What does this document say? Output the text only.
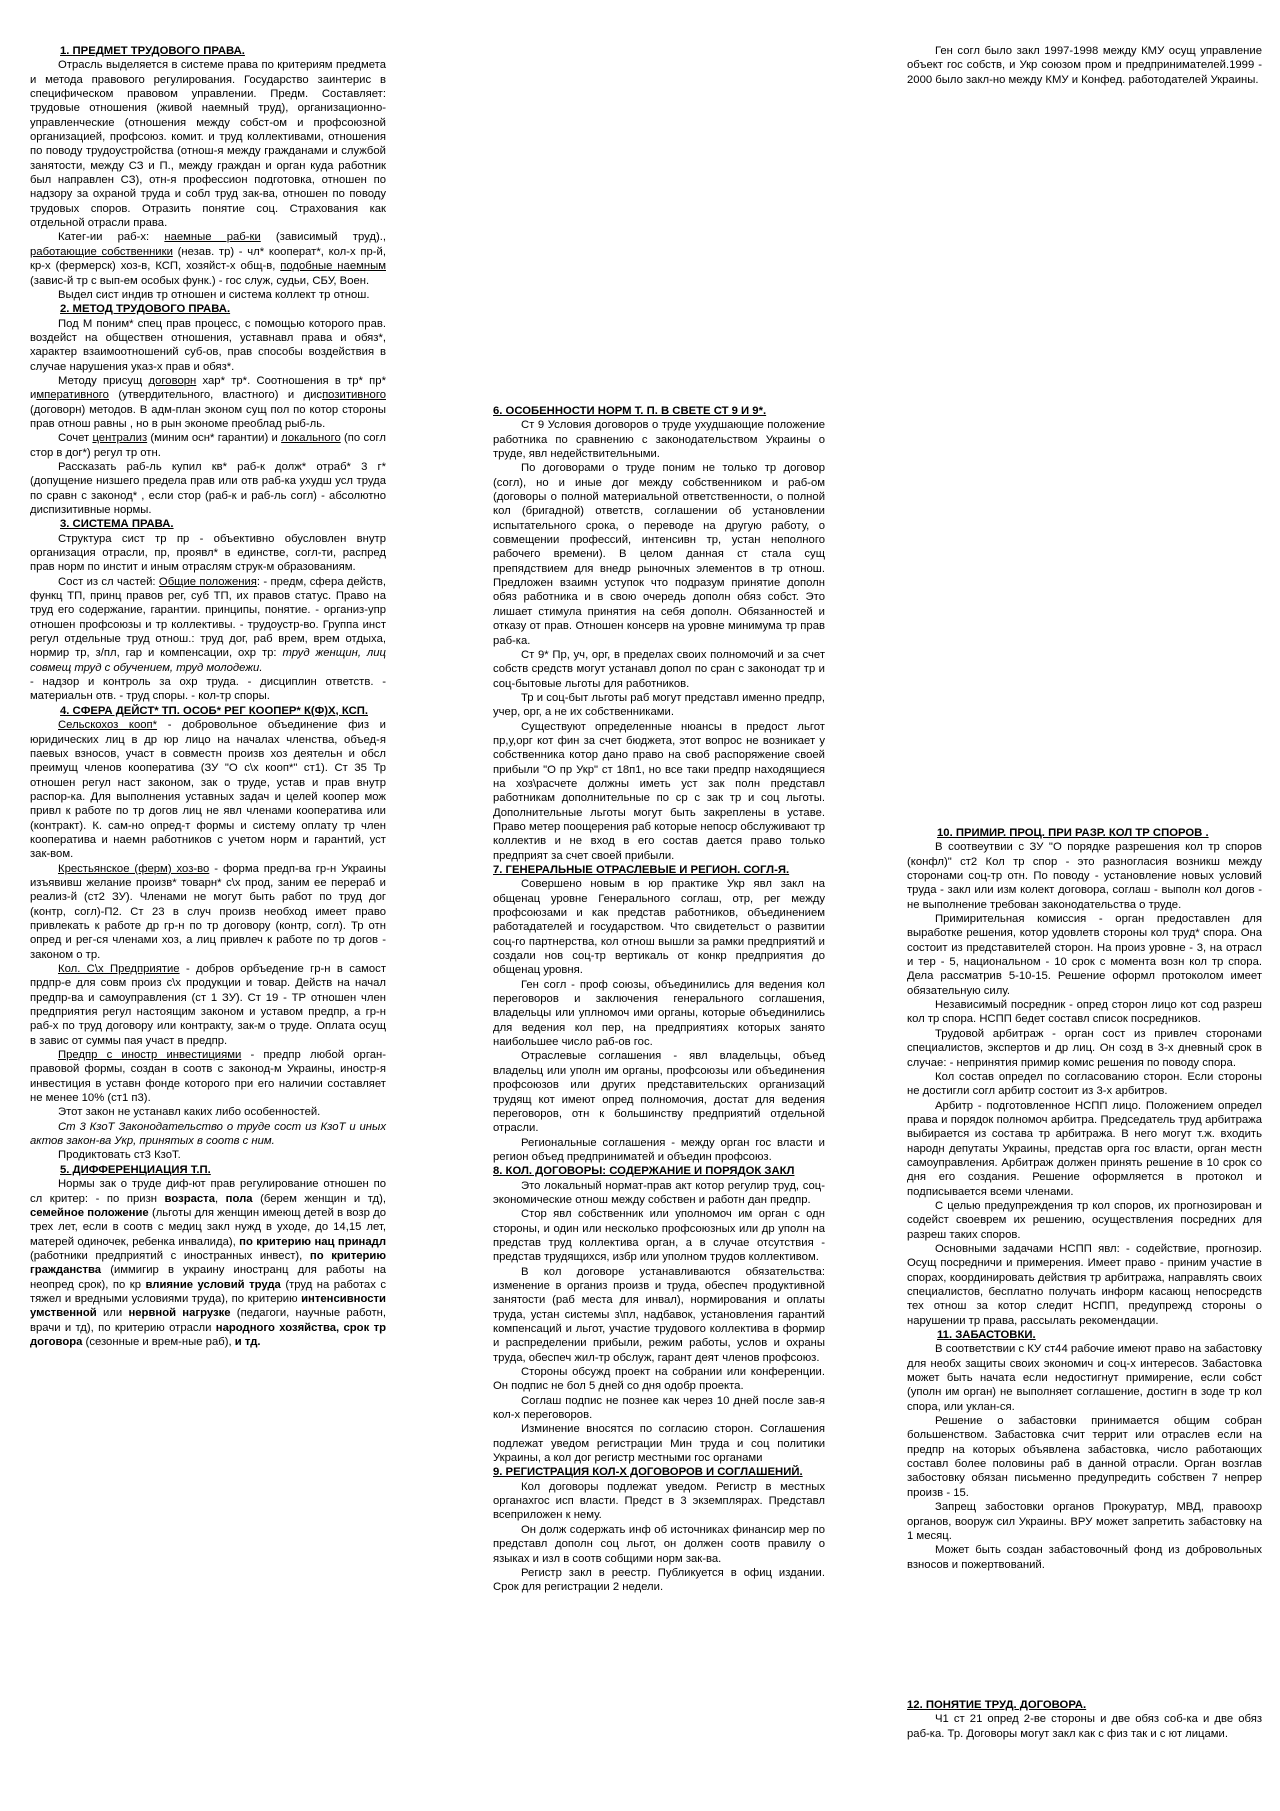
1. ПРЕДМЕТ ТРУДОВОГО ПРАВА.

Отрасль выделяется в системе права по критериям предмета и метода правового регулирования. Государство заинтерис в специфическом правовом управлении. Предм. Составляет: трудовые отношения (живой наемный труд), организационно-управленческие (отношения между собст-ом и профсоюзной организацией, профсоюз. комит. и труд коллективами, отношения по поводу трудоустройства (отнош-я между гражданами и службой занятости, между СЗ и П., между граждан и орган куда работник был направлен СЗ), отн-я профессион подготовка, отношен по надзору за охраной труда и собл труд зак-ва, отношен по поводу трудовых споров. Отразить понятие соц. Страхования как отдельной отрасли права.

Катег-ии раб-х: наемные раб-ки (зависимый труд)., работающие собственники (незав. тр) - чл* кооперат*, кол-х пр-й, кр-х (фермерск) хоз-в, КСП, хозяйст-х общ-в, подобные наемным (завис-й тр с вып-ем особых функ.) - гос служ, судьи, СБУ, Воен.

Выдел сист индив тр отношен и система коллект тр отнош.

2. МЕТОД ТРУДОВОГО ПРАВА.

Под М поним* спец прав процесс, с помощью которого прав. воздейст на обществен отношения, уставнавл права и обяз*, характер взаимоотношений суб-ов, прав способы воздействия в случае нарушения указ-х прав и обяз*.

Методу присущ договорн хар* тр*. Соотношения в тр* пр* императивного (утвердительного, властного) и диспозитивного (договорн) методов. В адм-план эконом сущ пол по котор стороны прав отнош равны , но в рын экономе преоблад рыб-ль.

Сочет централиз (миним осн* гарантии) и локального (по согл стор в дог*) регул тр отн.

Рассказать раб-ль купил кв* раб-к долж* отраб* 3 г* (допущение низшего предела прав или отв раб-ка ухудш усл труда по сравн с законод* , если стор (раб-к и раб-ль согл) - абсолютно диспизитивные нормы.

3. СИСТЕМА ПРАВА.

Структура сист тр пр - объективно обусловлен внутр организация отрасли, пр, проявл* в единстве, согл-ти, распред прав норм по инстит и иным отраслям струк-м образованиям.

Сост из сл частей: Общие положения: - предм, сфера действ, функц ТП, принц правов рег, суб ТП, их правов статус. Право на труд его содержание, гарантии. принципы, понятие. - организ-упр отношен профсоюзы и тр коллективы. - трудоустр-во. Группа инст регул отдельные труд отнош.: труд дог, раб врем, врем отдыха, нормир тр, з/пл, гар и компенсации, охр тр: труд женщин, лиц совмещ труд с обучением, труд молодежи.

- надзор и контроль за охр труда. - дисциплин ответств. - материальн отв. - труд споры. - кол-тр споры.

4. СФЕРА ДЕЙСТ* ТП. ОСОБ* РЕГ КООПЕР* К(Ф)Х, КСП.

Сельскохоз кооп* - добровольное объединение физ и юридических лиц в др юр лицо на началах членства, объед-я паевых взносов, участ в совместн произв хоз деятельн и обсл преимущ членов кооператива (ЗУ "О с\х кооп*" ст1). Ст 35 Тр отношен регул наст законом, зак о труде, устав и прав внутр распор-ка. Для выполнения уставных задач и целей коопер мож привл к работе по тр догов лиц не явл членами кооператива или (контракт). К. сам-но опред-т формы и систему оплату тр член кооператива и наемн работников с учетом норм и гарантий, уст зак-вом.

Крестьянское (ферм) хоз-во - форма предп-ва гр-н Украины изъявивш желание произв* товарн* с\х прод, заним ее перераб и реализ-й (ст2 ЗУ). Членами не могут быть работ по труд дог (контр, согл)-П2. Ст 23 в случ произв необход имеет право привлекать к работе др гр-н по тр договору (контр, согл). Тр отн опред и рег-ся членами хоз, а лиц привлеч к работе по тр догов - законом о тр.

Кол. С\х Предприятие - добров орбъедение гр-н в самост прдпр-е для совм произ с\х продукции и товар. Действ на начал предпр-ва и самоуправления (ст 1 ЗУ). Ст 19 - ТР отношен член предприятия регул настоящим законом и уставом предпр, а гр-н раб-х по труд договору или контракту, зак-м о труде. Оплата осущ в завис от суммы пая участ в предпр.

Предпр с иностр инвестициями - предпр любой орган-правовой формы, создан в соотв с законод-м Украины, иностр-я инвестиция в уставн фонде которого при его наличии составляет не менее 10% (ст1 п3).

Этот закон не устанавл каких либо особенностей.

Ст 3 КзоТ Законодательство о труде сост из КзоТ и иных актов закон-ва Укр, принятых в соотв с ним.

Продиктовать ст3 КзоТ.

5. ДИФФЕРЕНЦИАЦИЯ Т.П.

Нормы зак о труде диф-ют прав регулирование отношен по сл критер: - по призн возраста, пола (берем женщин и тд), семейное положение (льготы для женщин имеющ детей в возр до трех лет, если в соотв с медиц закл нужд в уходе, до 14,15 лет, матерей одиночек, ребенка инвалида), по критерию нац принадл (работники предприятий с иностранных инвест), по критерию гражданства (иммигир в украину иностранц для работы на неопред срок), по кр влияние условий труда (труд на работах с тяжел и вредными условиями труда), по критерию интенсивности умственной или нервной нагрузке (педагоги, научные работн, врачи и тд), по критерию отрасли народного хозяйства, срок тр договора (сезонные и врем-ные раб), и тд.

6. ОСОБЕННОСТИ НОРМ Т. П. В СВЕТЕ СТ 9 И 9*.

Ст 9 Условия договоров о труде ухудшающие положение работника по сравнению с законодательством Украины о труде, явл недействительными.

По договорами о труде поним не только тр договор (согл), но и иные дог между собственником и раб-ом (договоры о полной материальной ответственности, о полной кол (бригадной) ответств, соглашении об установлении испытательного срока, о переводе на другую работу, о совмещении профессий, интенсивн тр, устан неполного рабочего времени). В целом данная ст стала сущ препядствием для внедр рыночных элементов в тр отнош. Предложен взаимн уступок что подразум принятие дополн обяз работника и в свою очередь дополн обяз собст. Это лишает стимула принятия на себя дополн. Обязанностей и отказу от прав. Отношен консерв на уровне минимума тр прав раб-ка.

Ст 9* Пр, уч, орг, в пределах своих полномочий и за счет собств средств могут устанавл допол по сран с законодат тр и соц-бытовые льготы для работников.

Тр и соц-быт льготы раб могут представл именно предпр, учер, орг, а не их собственниками.

Существуют определенные нюансы в предост льгот пр,у,орг кот фин за счет бюджета, этот вопрос не возникает у собственника котор дано право на своб распоряжение своей прибыли "О пр Укр" ст 18п1, но все таки предпр находящиеся на хоз\расчете должны иметь уст зак полн представл работникам дополнительные по ср с зак тр и соц льготы. Дополнительные льготы могут быть закреплены в уставе. Право метер поощерения раб которые непоср обслуживают тр коллектив и не вход в его состав дается право только предприят за счет своей прибыли.

7. ГЕНЕРАЛЬНЫЕ ОТРАСЛЕВЫЕ И РЕГИОН. СОГЛ-Я.

Совершено новым в юр практике Укр явл закл на общенац уровне Генерального соглаш, отр, рег между профсоюзами и как представ работников, объединением работадателей и государством. Что свидетельст о развитии соц-го партнерства, кол отнош вышли за рамки предприятий и создали нов соц-тр вертикаль от конкр предприятия до общенац уровня.

Ген согл - проф союзы, объединились для ведения кол переговоров и заключения генерального соглашения, владельцы или уплномоч ими органы, которые объединились для ведения кол пер, на предприятиях которых занято наибольшее число раб-ов гос.

Отраслевые соглашения - явл владельцы, объед владельц или уполн им органы, профсоюзы или объединения профсоюзов или других представительских организаций трудящ кот имеют опред полномочия, достат для ведения переговоров, отн к большинству предприятий отдельной отрасли.

Региональные соглашения - между орган гос власти и регион объед предприниматей и объедин профсоюз.

8. КОЛ. ДОГОВОРЫ: СОДЕРЖАНИЕ И ПОРЯДОК ЗАКЛ

Это локальный нормат-прав акт котор регулир труд, соц-экономические отнош между собствен и работн дан предпр.

Стор явл собственник или уполномоч им орган с одн стороны, и один или несколько профсоюзных или др уполн на представ труд коллектива орган, а в случае отсутствия - представ трудящихся, избр или уполном трудов коллективом.

В кол договоре устанавливаются обязательства: изменение в организ произв и труда, обеспеч продуктивной занятости (раб места для инвал), нормирования и оплаты труда, устан системы з\пл, надбавок, установления гарантий компенсаций и льгот, участие трудового коллектива в формир и распределении прибыли, режим работы, услов и охраны труда, обеспеч жил-тр обслуж, гарант деят членов профсоюз.

Стороны обсужд проект на собрании или конференции. Он подпис не бол 5 дней со дня одобр проекта.

Соглаш подпис не познее как через 10 дней после зав-я кол-х переговоров.

Изминение вносятся по согласию сторон. Соглашения подлежат уведом регистрации Мин труда и соц политики Украины, а кол дог регистр местными гос органами

9. РЕГИСТРАЦИЯ КОЛ-Х ДОГОВОРОВ И СОГЛАШЕНИЙ.

Кол договоры подлежат уведом. Регистр в местных органахгос исп власти. Предст в 3 экземплярах. Представл всеприложен к нему.

Он долж содержать инф об источниках финансир мер по представл дополн соц льгот, он должен соотв правилу о языках и изл в соотв собщими норм зак-ва.

Регистр закл в реестр. Публикуется в офиц издании. Срок для регистрации 2 недели.

Ген согл было закл 1997-1998 между КМУ осущ управление объект гос собств, и Укр союзом пром и предпринимателей.1999 - 2000 было закл-но между КМУ и Конфед. работодателей Украины.

10. ПРИМИР. ПРОЦ. ПРИ РАЗР. КОЛ ТР СПОРОВ .

В соотвеутвии с ЗУ "О порядке разрешения кол тр споров (конфл)" ст2 Кол тр спор - это разногласия возникш между сторонами соц-тр отн. По поводу - установление новых условий труда - закл или изм колект договора, соглаш - выполн кол догов - не выполнение требован законодательства о труде.

Примирительная комиссия - орган предоставлен для выработке решения, котор удовлетв стороны кол труд* спора. Она состоит из представителей сторон. На произ уровне - 3, на отрасл и тер - 5, национальном - 10 срок с момента возн кол тр спора. Дела рассматрив 5-10-15. Решение оформл протоколом имеет обязательную силу.

Независимый посредник - опред сторон лицо кот сод разреш кол тр спора. НСПП бедет составл список посредников.

Трудовой арбитраж - орган сост из привлеч сторонами специалистов, экспертов и др лиц. Он созд в 3-х дневный срок в случае: - непринятия примир комис решения по поводу спора.

Кол состав определ по согласованию сторон. Если стороны не достигли согл арбитр состоит из 3-х арбитров.

Арбитр - подготовленное НСПП лицо. Положением определ права и порядок полномоч арбитра. Председатель труд арбитража выбирается из состава тр арбитража. В него могут т.ж. входить народн депутаты Украины, представ орга гос власти, орган местн самоуправления. Арбитраж должен принять решение в 10 срок со дня его создания. Решение оформляется в протокол и подписывается всеми членами.

С целью предупреждения тр кол споров, их прогнозирован и содейст своеврем их решению, осуществления посредних для разреш таких споров.

Основными задачами НСПП явл: - содействие, прогнозир. Осущ посредничи и примерения. Имеет право - приним участие в спорах, координировать действия тр арбитража, направлять своих специалистов, бесплатно получать информ касающ непосредств тех отнош за котор следит НСПП, предупрежд стороны о нарушении тр права, рассылать рекомендации.

11. ЗАБАСТОВКИ.

В соответствии с КУ ст44 рабочие имеют право на забастовку для необх защиты своих экономич и соц-х интересов. Забастовка может быть начата если недостигнут примирение, если собст (уполн им орган) не выполняет соглашение, достигн в зоде тр кол спора, или уклан-ся.

Решение о забастовки принимается общим собран большенством. Забастовка счит террит или отраслев если на предпр на которых объявлена забастовка, число работающих составл более половины раб в данной отрасли. Орган возглав забостовку обязан письменно предупредить собствен 7 непрер произв - 15.

Запрещ забостовки органов Прокуратур, МВД, правоохр органов, вооруж сил Украины. ВРУ может запретить забастовку на 1 месяц.

Может быть создан забастовочный фонд из добровольных взносов и пожертвований.

12. ПОНЯТИЕ ТРУД. ДОГОВОРА.

Ч1 ст 21 опред 2-ве стороны и две обяз соб-ка и две обяз раб-ка. Тр. Договоры могут закл как с физ так и с ют лицами.
